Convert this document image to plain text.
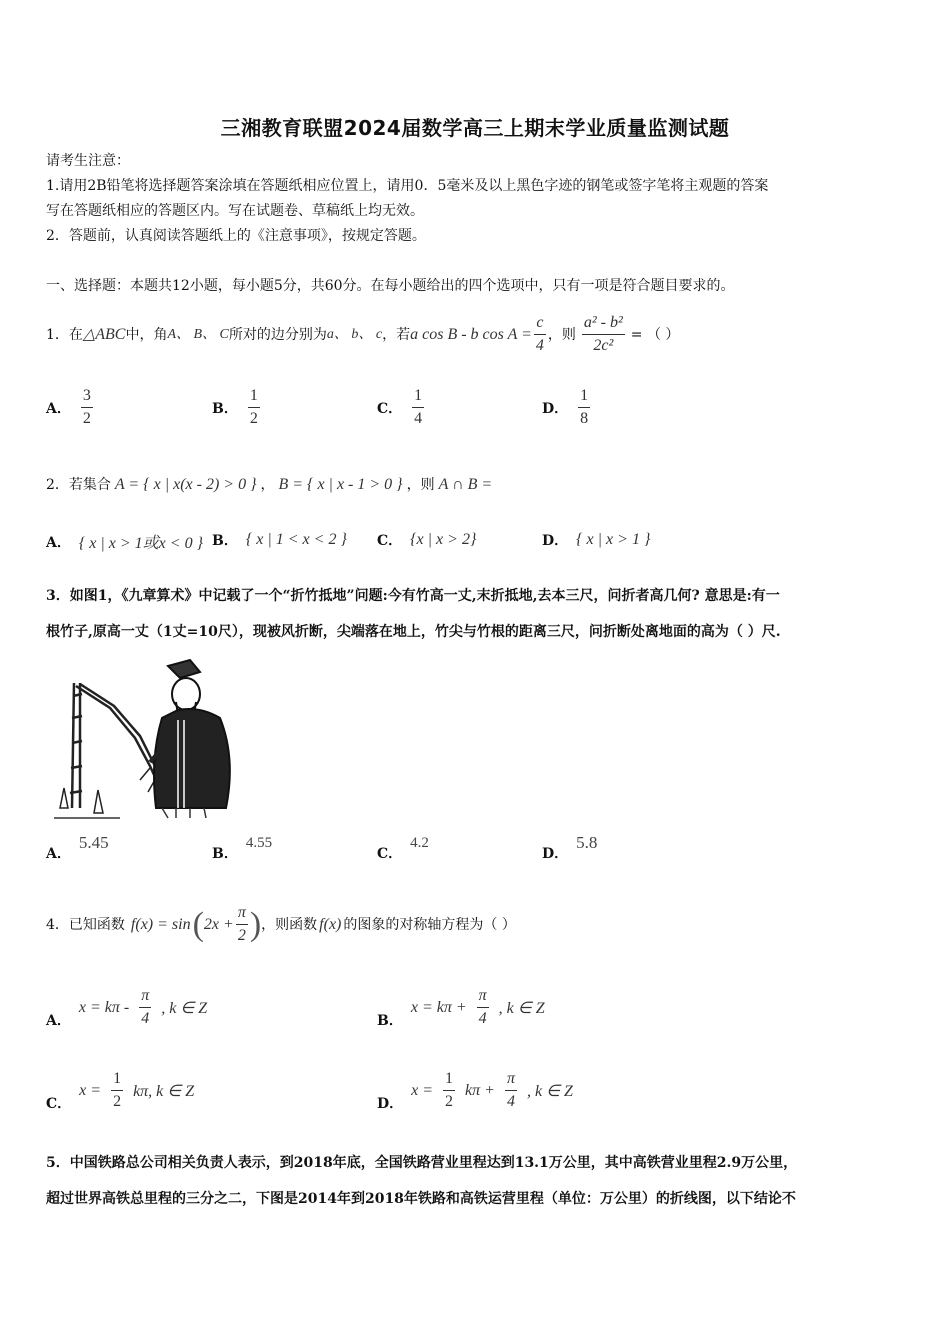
三湘教育联盟2024届数学高三上期末学业质量监测试题
请考生注意：
1.请用2B铅笔将选择题答案涂填在答题纸相应位置上，请用0．5毫米及以上黑色字迹的钢笔或签字笔将主观题的答案
写在答题纸相应的答题区内。写在试题卷、草稿纸上均无效。
2．答题前，认真阅读答题纸上的《注意事项》，按规定答题。
一、选择题：本题共12小题，每小题5分，共60分。在每小题给出的四个选项中，只有一项是符合题目要求的。
1．在 △ABC 中，角 A、 B、 C 所对的边分别为 a、 b、 c ，若 a cos B - b $\cos A = \frac{c}{4}$ ，则 $\frac{\text{a² - b²}}{\text{2c²}}$ = （ ）
A． $\frac{3}{2}$	B． $\frac{1}{2}$	C． $\frac{1}{4}$	D． $\frac{1}{8}$
2．若集合 A = { x | x(x - 2) > 0 } ， B = { x | x - 1 > 0 } ，则 A ∩ B =
A． { x | x > 1或x < 0 } B． { x | 1 < x < 2 } C． {x | x > 2}	D． { x | x > 1 }
3．如图1，《九章算术》中记载了一个“折竹抵地”问题:今有竹高一丈,末折抵地,去本三尺，问折者高几何? 意思是:有一
根竹子,原高一丈（1丈=10尺），现被风折断，尖端落在地上，竹尖与竹根的距离三尺，问折断处离地面的高为（ ）尺.
A．
5.45
B．
4.55
C．
4.2
D．
5.8
4．已知函数 f(x) = sin ( $2x + \frac{\pi}{2}$ ) ，则函数 f(x) 的图象的对称轴方程为（ ）
A．
$x = k\pi - \frac{\pi}{4}$ , k ∈ Z
B．
$x = k\pi + \frac{\pi}{4}$ , k ∈ Z
C．
$x = \frac{1}{2} k\pi$, k ∈ Z
D．
$x = \frac{1}{2}$ $k\pi + \frac{\pi}{4}$ , k ∈ Z
5．中国铁路总公司相关负责人表示，到2018年底，全国铁路营业里程达到13.1万公里，其中高铁营业里程2.9万公里，
超过世界高铁总里程的三分之二，下图是2014年到2018年铁路和高铁运营里程（单位：万公里）的折线图，以下结论不
